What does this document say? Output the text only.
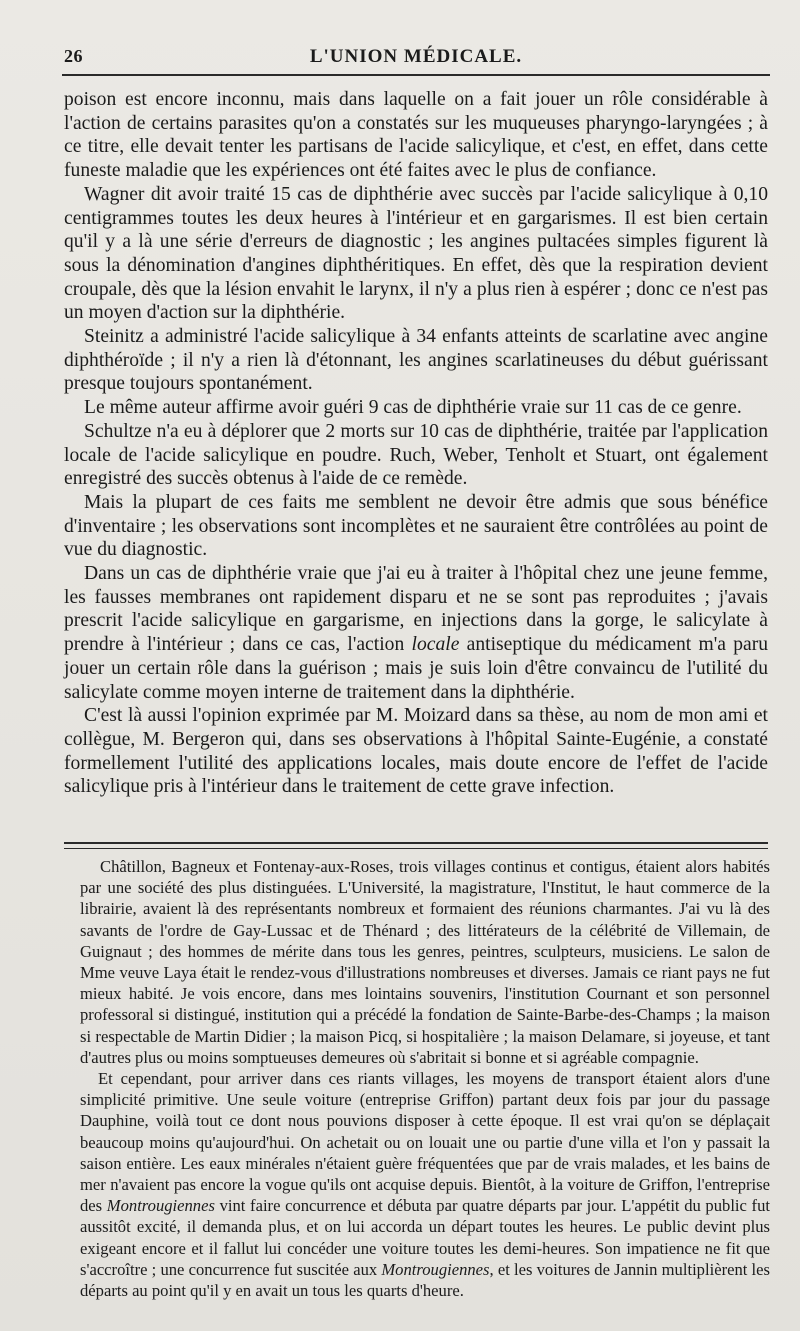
26	L'UNION MÉDICALE.

poison est encore inconnu, mais dans laquelle on a fait jouer un rôle considérable à l'action de certains parasites qu'on a constatés sur les muqueuses pharyngo-laryngées ; à ce titre, elle devait tenter les partisans de l'acide salicylique, et c'est, en effet, dans cette funeste maladie que les expériences ont été faites avec le plus de confiance.

Wagner dit avoir traité 15 cas de diphthérie avec succès par l'acide salicylique à 0,10 centigrammes toutes les deux heures à l'intérieur et en gargarismes. Il est bien certain qu'il y a là une série d'erreurs de diagnostic ; les angines pultacées simples figurent là sous la dénomination d'angines diphthéritiques. En effet, dès que la respiration devient croupale, dès que la lésion envahit le larynx, il n'y a plus rien à espérer ; donc ce n'est pas un moyen d'action sur la diphthérie.

Steinitz a administré l'acide salicylique à 34 enfants atteints de scarlatine avec angine diphthéroïde ; il n'y a rien là d'étonnant, les angines scarlatineuses du début guérissant presque toujours spontanément.

Le même auteur affirme avoir guéri 9 cas de diphthérie vraie sur 11 cas de ce genre.

Schultze n'a eu à déplorer que 2 morts sur 10 cas de diphthérie, traitée par l'application locale de l'acide salicylique en poudre. Ruch, Weber, Tenholt et Stuart, ont également enregistré des succès obtenus à l'aide de ce remède.

Mais la plupart de ces faits me semblent ne devoir être admis que sous bénéfice d'inventaire ; les observations sont incomplètes et ne sauraient être contrôlées au point de vue du diagnostic.

Dans un cas de diphthérie vraie que j'ai eu à traiter à l'hôpital chez une jeune femme, les fausses membranes ont rapidement disparu et ne se sont pas reproduites ; j'avais prescrit l'acide salicylique en gargarisme, en injections dans la gorge, le salicylate à prendre à l'intérieur ; dans ce cas, l'action locale antiseptique du médicament m'a paru jouer un certain rôle dans la guérison ; mais je suis loin d'être convaincu de l'utilité du salicylate comme moyen interne de traitement dans la diphthérie.

C'est là aussi l'opinion exprimée par M. Moizard dans sa thèse, au nom de mon ami et collègue, M. Bergeron qui, dans ses observations à l'hôpital Sainte-Eugénie, a constaté formellement l'utilité des applications locales, mais doute encore de l'effet de l'acide salicylique pris à l'intérieur dans le traitement de cette grave infection.

Châtillon, Bagneux et Fontenay-aux-Roses, trois villages continus et contigus, étaient alors habités par une société des plus distinguées. L'Université, la magistrature, l'Institut, le haut commerce de la librairie, avaient là des représentants nombreux et formaient des réunions charmantes. J'ai vu là des savants de l'ordre de Gay-Lussac et de Thénard ; des littérateurs de la célébrité de Villemain, de Guignaut ; des hommes de mérite dans tous les genres, peintres, sculpteurs, musiciens. Le salon de Mme veuve Laya était le rendez-vous d'illustrations nombreuses et diverses. Jamais ce riant pays ne fut mieux habité. Je vois encore, dans mes lointains souvenirs, l'institution Cournant et son personnel professoral si distingué, institution qui a précédé la fondation de Sainte-Barbe-des-Champs ; la maison si respectable de Martin Didier ; la maison Picq, si hospitalière ; la maison Delamare, si joyeuse, et tant d'autres plus ou moins somptueuses demeures où s'abritait si bonne et si agréable compagnie.

Et cependant, pour arriver dans ces riants villages, les moyens de transport étaient alors d'une simplicité primitive. Une seule voiture (entreprise Griffon) partant deux fois par jour du passage Dauphine, voilà tout ce dont nous pouvions disposer à cette époque. Il est vrai qu'on se déplaçait beaucoup moins qu'aujourd'hui. On achetait ou on louait une ou partie d'une villa et l'on y passait la saison entière. Les eaux minérales n'étaient guère fréquentées que par de vrais malades, et les bains de mer n'avaient pas encore la vogue qu'ils ont acquise depuis. Bientôt, à la voiture de Griffon, l'entreprise des Montrougiennes vint faire concurrence et débuta par quatre départs par jour. L'appétit du public fut aussitôt excité, il demanda plus, et on lui accorda un départ toutes les heures. Le public devint plus exigeant encore et il fallut lui concéder une voiture toutes les demi-heures. Son impatience ne fit que s'accroître ; une concurrence fut suscitée aux Montrougiennes, et les voitures de Jannin multiplièrent les départs au point qu'il y en avait un tous les quarts d'heure.
